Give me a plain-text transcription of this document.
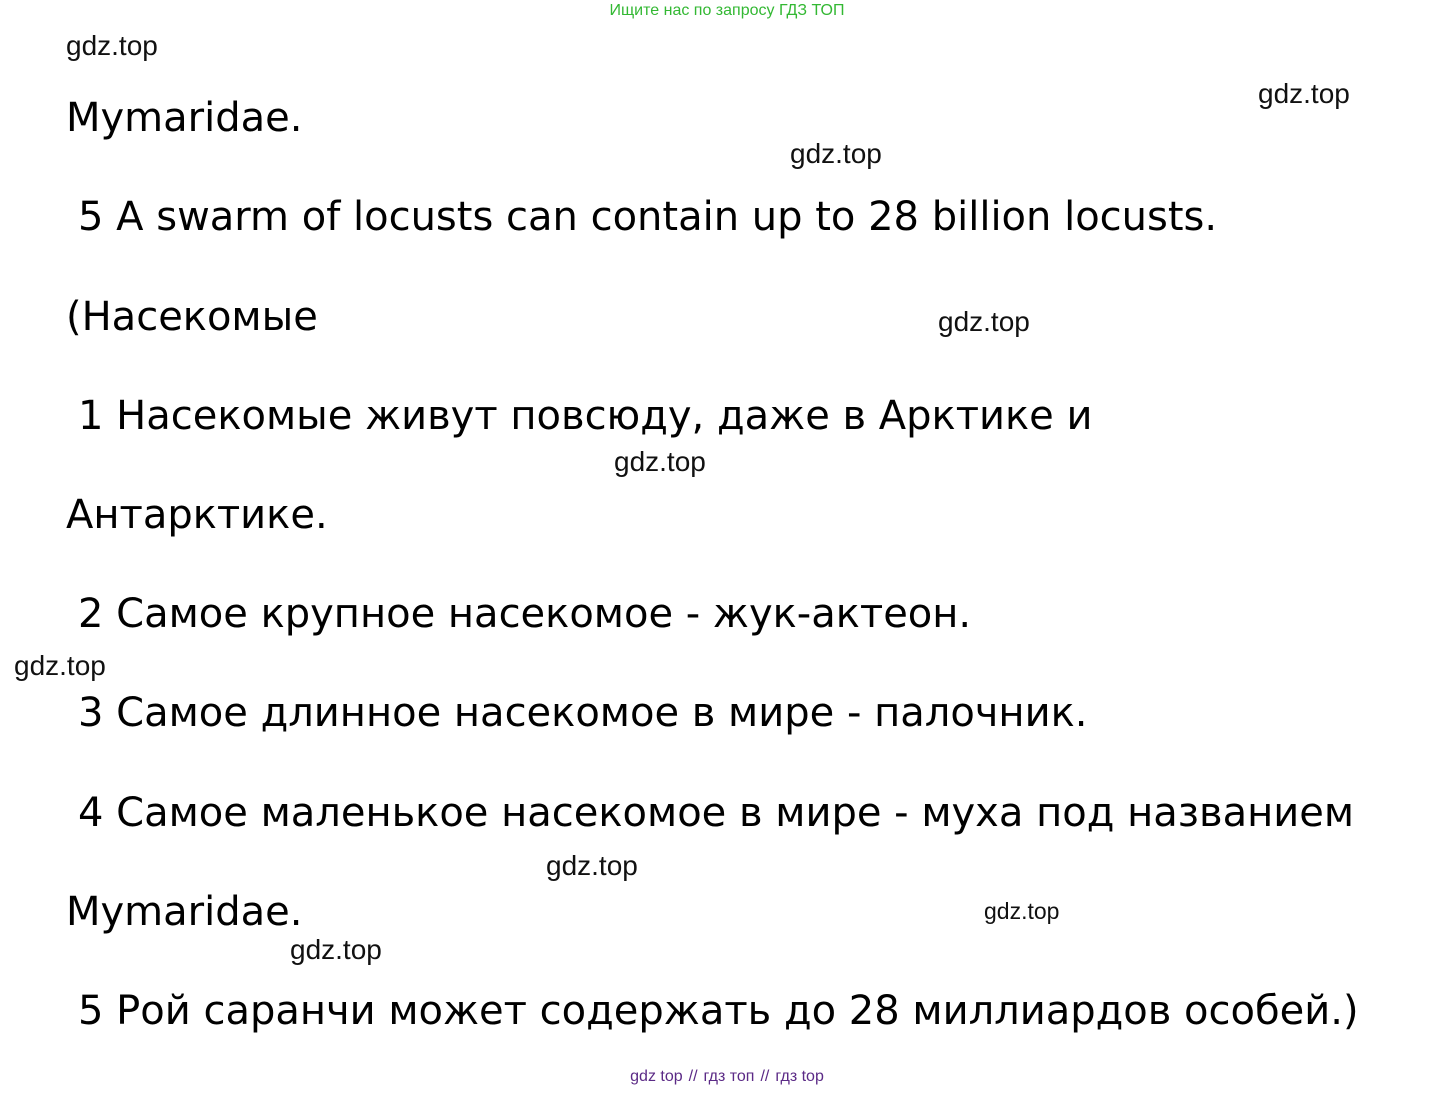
Ищите нас по запросу ГДЗ ТОП
gdz.top
gdz.top
gdz.top
gdz.top
gdz.top
gdz.top
gdz.top
gdz.top
gdz.top
Mymaridae.
5 A swarm of locusts can contain up to 28 billion locusts.
(Насекомые
1 Насекомые живут повсюду, даже в Арктике и
Антарктике.
2 Самое крупное насекомое - жук-актеон.
3 Самое длинное насекомое в мире - палочник.
4 Самое маленькое насекомое в мире - муха под названием
Mymaridae.
5 Рой саранчи может содержать до 28 миллиардов особей.)
gdz top // гдз топ // гдз top
